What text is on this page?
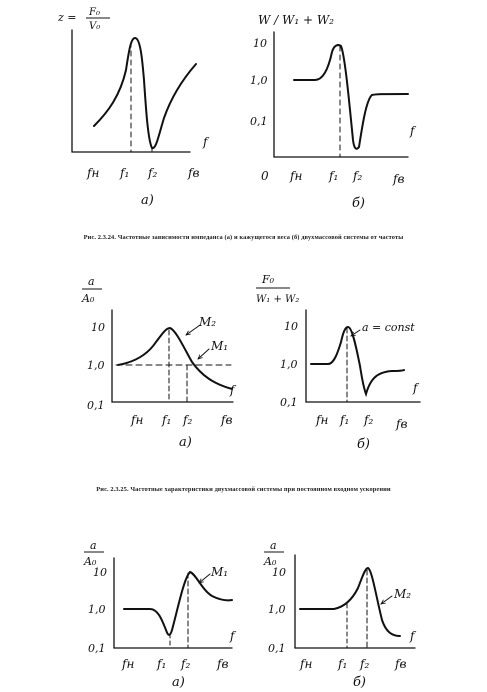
z = F₀
V₀
f
fн f₁ f₂	fв
а)
W / W₁ + W₂
10
1,0
0,1
0
f
fн f₁ f₂	fв
б)
a
A₀
10
1,0
0,1
M₂
M₁
f
fн f₁ f₂ fв
а)
F₀
W₁ + W₂
10
1,0
0,1
a = const
f
fн f₁ f₂ fв
б)
a
A₀
10
1,0
0,1
M₁
f
fн f₁ f₂ fв
а)
a
A₀
10
1,0
0,1
M₂
f
fн f₁ f₂ fв
б)
Рис. 2.3.24. Частотные зависимости импеданса (а) и кажущегося веса (б) двухмассовой системы от частоты
Рис. 2.3.25. Частотные характеристики двухмассовой системы при постоянном входном ускорении
